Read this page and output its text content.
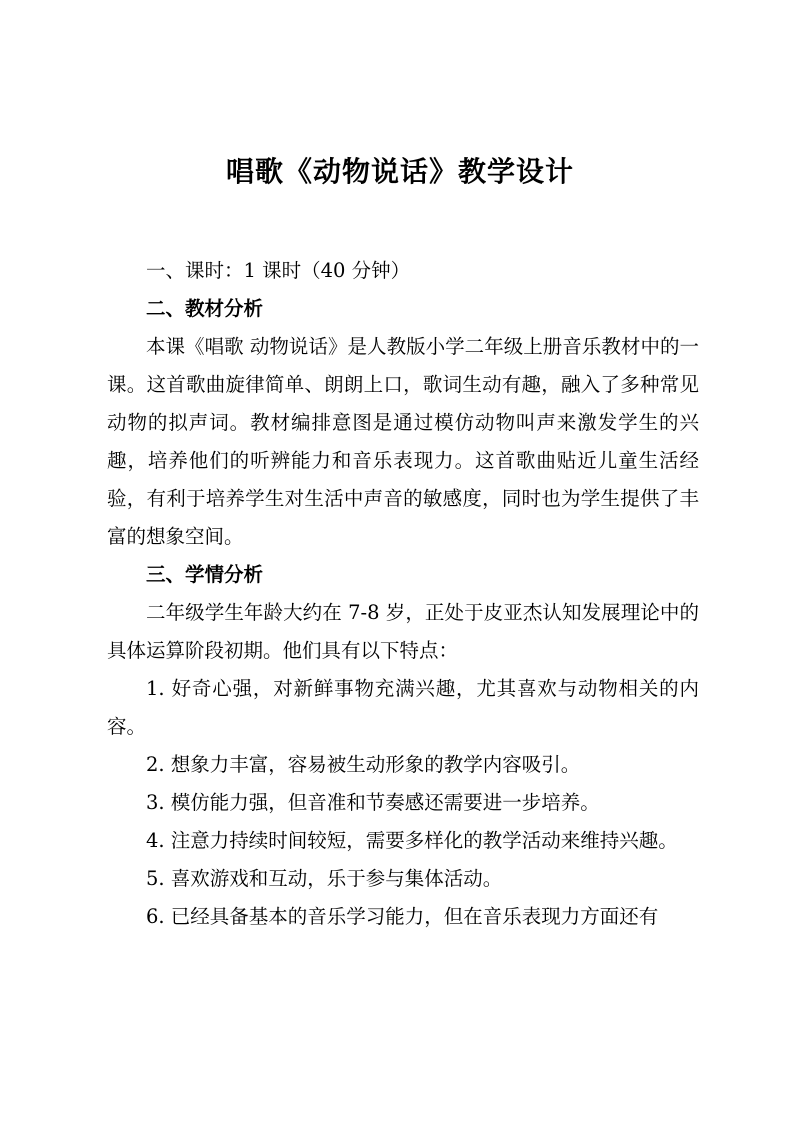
唱歌《动物说话》教学设计

一、课时：1 课时（40 分钟）

二、教材分析

本课《唱歌 动物说话》是人教版小学二年级上册音乐教材中的一课。这首歌曲旋律简单、朗朗上口，歌词生动有趣，融入了多种常见动物的拟声词。教材编排意图是通过模仿动物叫声来激发学生的兴趣，培养他们的听辨能力和音乐表现力。这首歌曲贴近儿童生活经验，有利于培养学生对生活中声音的敏感度，同时也为学生提供了丰富的想象空间。

三、学情分析

二年级学生年龄大约在 7-8 岁，正处于皮亚杰认知发展理论中的具体运算阶段初期。他们具有以下特点：

1. 好奇心强，对新鲜事物充满兴趣，尤其喜欢与动物相关的内容。

2. 想象力丰富，容易被生动形象的教学内容吸引。

3. 模仿能力强，但音准和节奏感还需要进一步培养。

4. 注意力持续时间较短，需要多样化的教学活动来维持兴趣。

5. 喜欢游戏和互动，乐于参与集体活动。

6. 已经具备基本的音乐学习能力，但在音乐表现力方面还有
